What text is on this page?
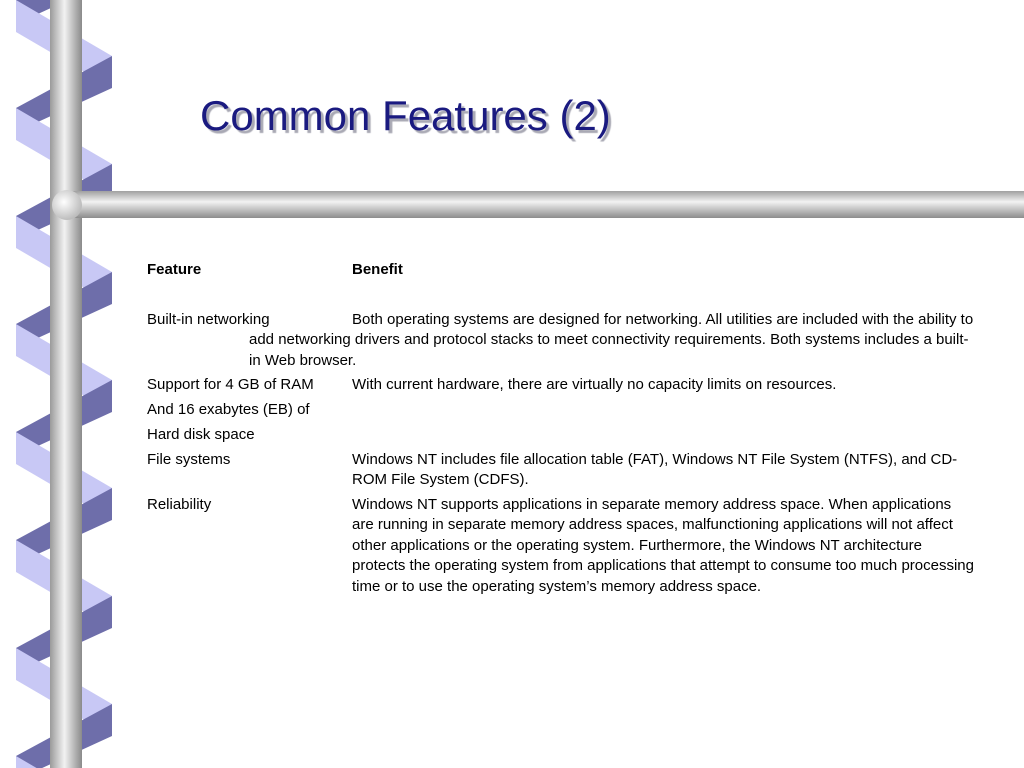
Common Features (2)
Feature	Benefit
Built-in networking	Both operating systems are designed for networking. All utilities are included with the ability to add networking drivers and protocol stacks to meet connectivity requirements. Both systems includes a built-in Web browser.
Support for 4 GB of RAM	With current hardware, there are virtually no capacity limits on resources.
And 16 exabytes (EB) of
Hard disk space
File systems	Windows NT includes file allocation table (FAT), Windows NT File System (NTFS), and CD-ROM File System (CDFS).
Reliability	Windows NT supports applications in separate memory address space. When applications are running in separate memory address spaces, malfunctioning applications will not affect other applications or the operating system. Furthermore, the Windows NT architecture protects the operating system from applications that attempt to consume too much processing time or to use the operating system’s memory address space.
